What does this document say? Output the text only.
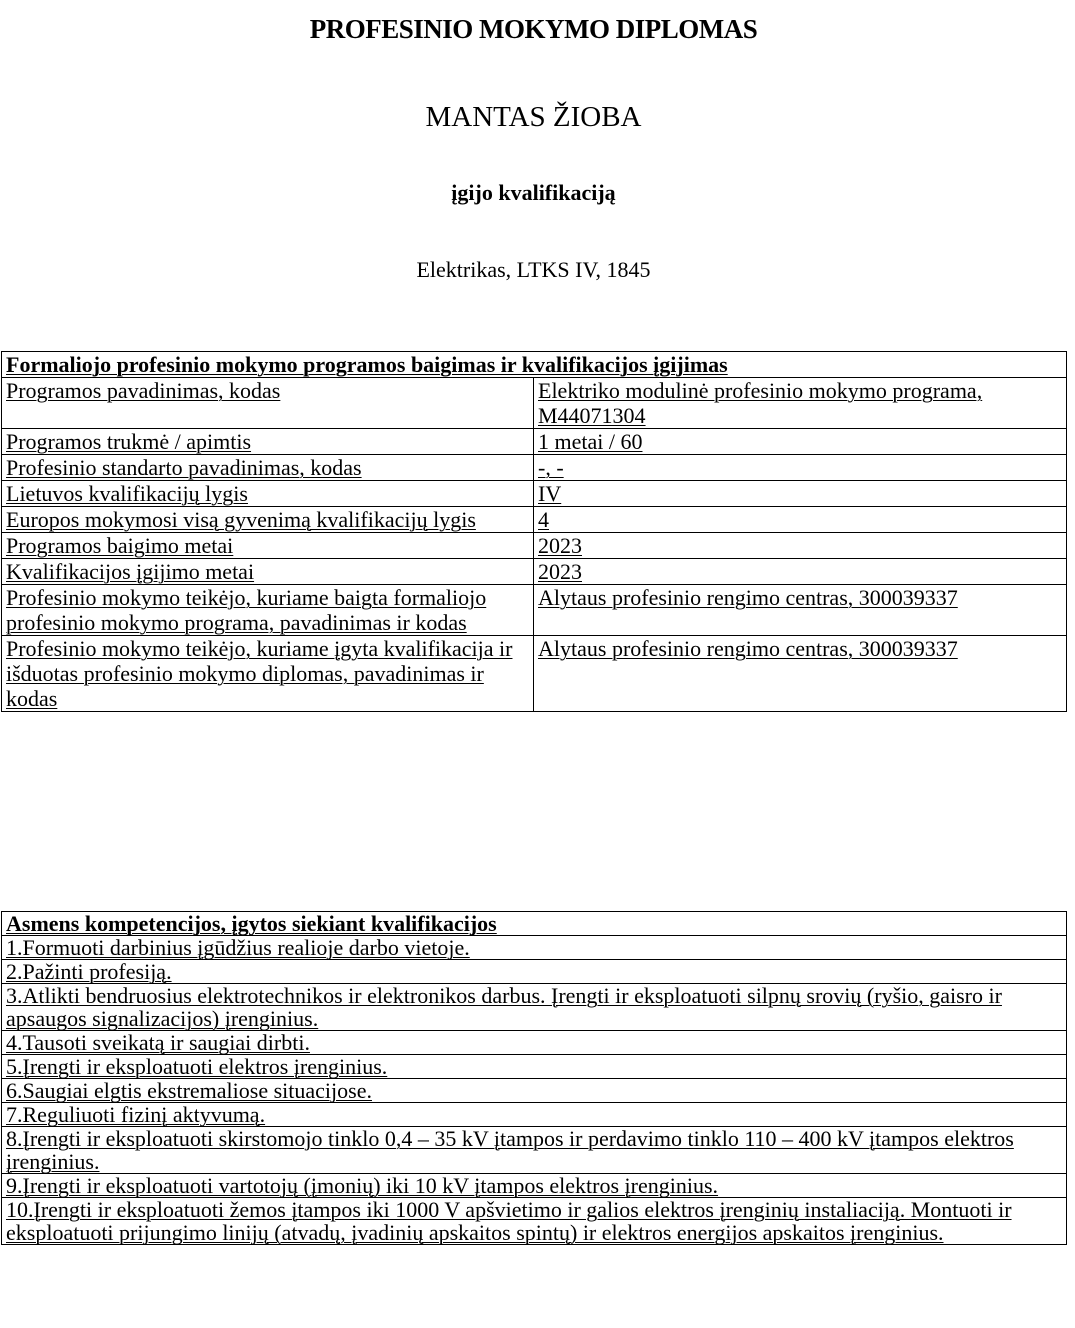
PROFESINIO MOKYMO DIPLOMAS
MANTAS ŽIOBA
įgijo kvalifikaciją
Elektrikas, LTKS IV, 1845
Formaliojo profesinio mokymo programos baigimas ir kvalifikacijos įgijimas	
Programos pavadinimas, kodas	Elektriko modulinė profesinio mokymo programa, M44071304
Programos trukmė / apimtis	1 metai / 60
Profesinio standarto pavadinimas, kodas	-, -
Lietuvos kvalifikacijų lygis	IV
Europos mokymosi visą gyvenimą kvalifikacijų lygis	4
Programos baigimo metai	2023
Kvalifikacijos įgijimo metai	2023
Profesinio mokymo teikėjo, kuriame baigta formaliojo profesinio mokymo programa, pavadinimas ir kodas	Alytaus profesinio rengimo centras, 300039337
Profesinio mokymo teikėjo, kuriame įgyta kvalifikacija ir išduotas profesinio mokymo diplomas, pavadinimas ir kodas	Alytaus profesinio rengimo centras, 300039337
Asmens kompetencijos, įgytos siekiant kvalifikacijos
1.Formuoti darbinius įgūdžius realioje darbo vietoje.
2.Pažinti profesiją.
3.Atlikti bendruosius elektrotechnikos ir elektronikos darbus. Įrengti ir eksploatuoti silpnų srovių (ryšio, gaisro ir apsaugos signalizacijos) įrenginius.
4.Tausoti sveikatą ir saugiai dirbti.
5.Įrengti ir eksploatuoti elektros įrenginius.
6.Saugiai elgtis ekstremaliose situacijose.
7.Reguliuoti fizinį aktyvumą.
8.Įrengti ir eksploatuoti skirstomojo tinklo 0,4 – 35 kV įtampos ir perdavimo tinklo 110 – 400 kV įtampos elektros įrenginius.
9.Įrengti ir eksploatuoti vartotojų (įmonių) iki 10 kV įtampos elektros įrenginius.
10.Įrengti ir eksploatuoti žemos įtampos iki 1000 V apšvietimo ir galios elektros įrenginių instaliaciją. Montuoti ir eksploatuoti prijungimo linijų (atvadų, įvadinių apskaitos spintų) ir elektros energijos apskaitos įrenginius.
